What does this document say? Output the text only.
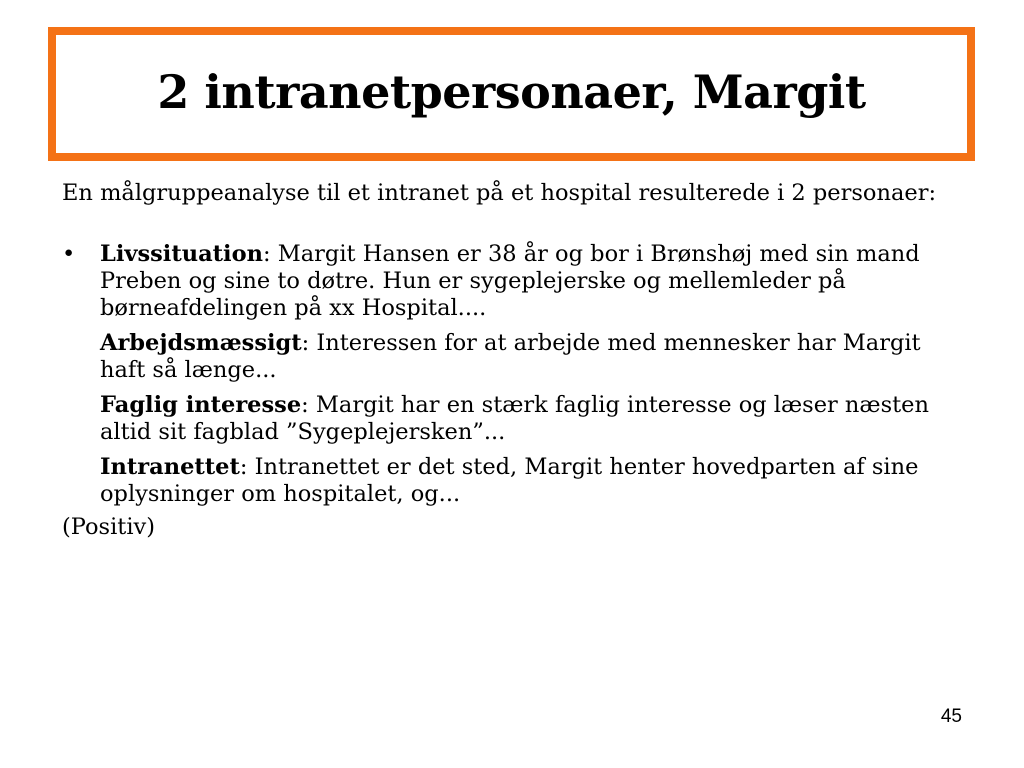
2 intranetpersonaer, Margit

En målgruppeanalyse til et intranet på et hospital resulterede i 2 personaer:

•	Livssituation: Margit Hansen er 38 år og bor i Brønshøj med sin mand Preben og sine to døtre. Hun er sygeplejerske og mellemleder på børneafdelingen på xx Hospital....

Arbejdsmæssigt: Interessen for at arbejde med mennesker har Margit haft så længe...

Faglig interesse: Margit har en stærk faglig interesse og læser næsten altid sit fagblad ”Sygeplejersken”...

Intranettet: Intranettet er det sted, Margit henter hovedparten af sine oplysninger om hospitalet, og...

(Positiv)

45
